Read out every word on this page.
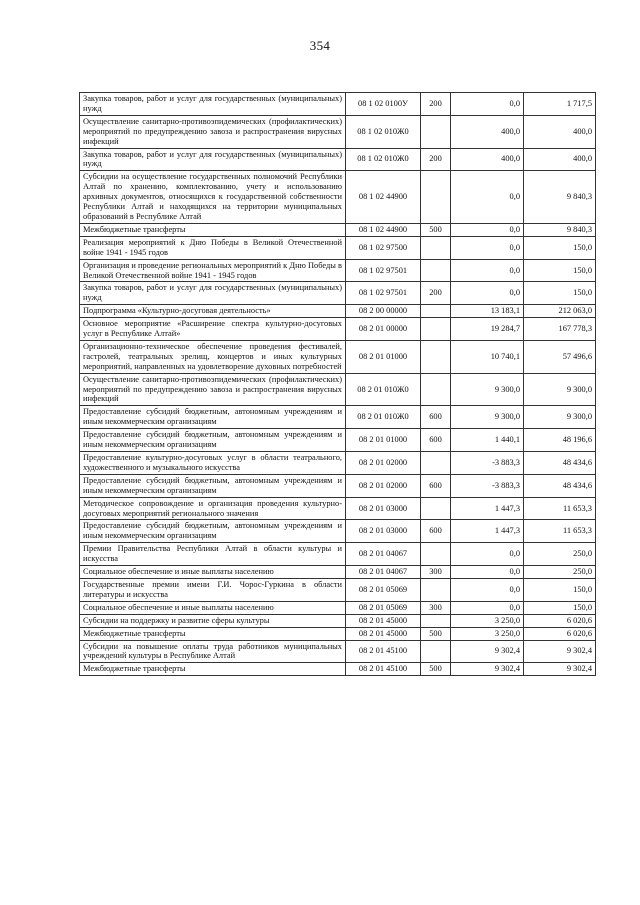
354
Закупка товаров, работ и услуг для государственных (муниципальных) нужд	08 1 02 0100У	200	0,0	1 717,5
Осуществление санитарно-противоэпидемических (профилактических) мероприятий по предупреждению завоза и распространения вирусных инфекций	08 1 02 010Ж0		400,0	400,0
Закупка товаров, работ и услуг для государственных (муниципальных) нужд	08 1 02 010Ж0	200	400,0	400,0
Субсидии на осуществление государственных полномочий Республики Алтай по хранению, комплектованию, учету и использованию архивных документов, относящихся к государственной собственности Республики Алтай и находящихся на территории муниципальных образований в Республике Алтай	08 1 02 44900		0,0	9 840,3
Межбюджетные трансферты	08 1 02 44900	500	0,0	9 840,3
Реализация мероприятий к Дню Победы в Великой Отечественной войне 1941 - 1945 годов	08 1 02 97500		0,0	150,0
Организация и проведение региональных мероприятий к Дню Победы в Великой Отечественной войне 1941 - 1945 годов	08 1 02 97501		0,0	150,0
Закупка товаров, работ и услуг для государственных (муниципальных) нужд	08 1 02 97501	200	0,0	150,0
Подпрограмма «Культурно-досуговая деятельность»	08 2 00 00000		13 183,1	212 063,0
Основное мероприятие «Расширение спектра культурно-досуговых услуг в Республике Алтай»	08 2 01 00000		19 284,7	167 778,3
Организационно-техническое обеспечение проведения фестивалей, гастролей, театральных зрелищ, концертов и иных культурных мероприятий, направленных на удовлетворение духовных потребностей	08 2 01 01000		10 740,1	57 496,6
Осуществление санитарно-противоэпидемических (профилактических) мероприятий по предупреждению завоза и распространения вирусных инфекций	08 2 01 010Ж0		9 300,0	9 300,0
Предоставление субсидий бюджетным, автономным учреждениям и иным некоммерческим организациям	08 2 01 010Ж0	600	9 300,0	9 300,0
Предоставление субсидий бюджетным, автономным учреждениям и иным некоммерческим организациям	08 2 01 01000	600	1 440,1	48 196,6
Предоставление культурно-досуговых услуг в области театрального, художественного и музыкального искусства	08 2 01 02000		-3 883,3	48 434,6
Предоставление субсидий бюджетным, автономным учреждениям и иным некоммерческим организациям	08 2 01 02000	600	-3 883,3	48 434,6
Методическое сопровождение и организация проведения культурно-досуговых мероприятий регионального значения	08 2 01 03000		1 447,3	11 653,3
Предоставление субсидий бюджетным, автономным учреждениям и иным некоммерческим организациям	08 2 01 03000	600	1 447,3	11 653,3
Премии Правительства Республики Алтай в области культуры и искусства	08 2 01 04067		0,0	250,0
Социальное обеспечение и иные выплаты населению	08 2 01 04067	300	0,0	250,0
Государственные премии имени Г.И. Чорос-Гуркина в области литературы и искусства	08 2 01 05069		0,0	150,0
Социальное обеспечение и иные выплаты населению	08 2 01 05069	300	0,0	150,0
Субсидии на поддержку и развитие сферы культуры	08 2 01 45000		3 250,0	6 020,6
Межбюджетные трансферты	08 2 01 45000	500	3 250,0	6 020,6
Субсидии на повышение оплаты труда работников муниципальных учреждений культуры в Республике Алтай	08 2 01 45100		9 302,4	9 302,4
Межбюджетные трансферты	08 2 01 45100	500	9 302,4	9 302,4
